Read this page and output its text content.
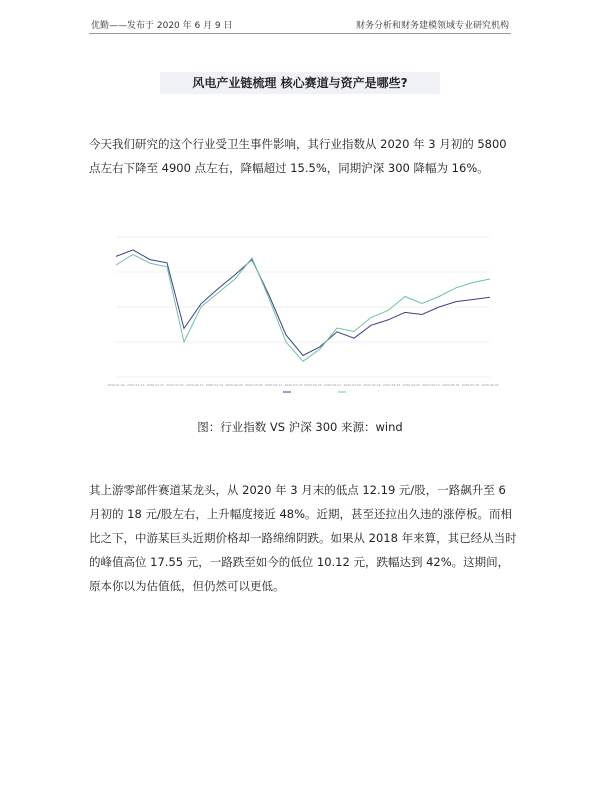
优勤——发布于 2020 年 6 月 9 日	财务分析和财务建模领域专业研究机构
风电产业链梳理 核心赛道与资产是哪些?
今天我们研究的这个行业受卫生事件影响，其行业指数从 2020 年 3 月初的 5800 点左右下降至 4900 点左右，降幅超过 15.5%，同期沪深 300 降幅为 16%。
2020-01-02 2020-01-13 2020-01-22 2020-02-05 2020-02-12 2020-02-19 2020-02-26 2020-03-04 2020-03-11 2020-03-18 2020-03-25 2020-04-01 2020-04-09 2020-04-16 2020-04-23 2020-04-30 2020-05-12 2020-05-19 2020-05-26 2020-06-02
图：行业指数 VS 沪深 300 来源：wind
其上游零部件赛道某龙头，从 2020 年 3 月末的低点 12.19 元/股，一路飙升至 6 月初的 18 元/股左右，上升幅度接近 48%。近期，甚至还拉出久违的涨停板。而相比之下，中游某巨头近期价格却一路绵绵阴跌。如果从 2018 年来算，其已经从当时的峰值高位 17.55 元，一路跌至如今的低位 10.12 元，跌幅达到 42%。这期间，原本你以为估值低，但仍然可以更低。
